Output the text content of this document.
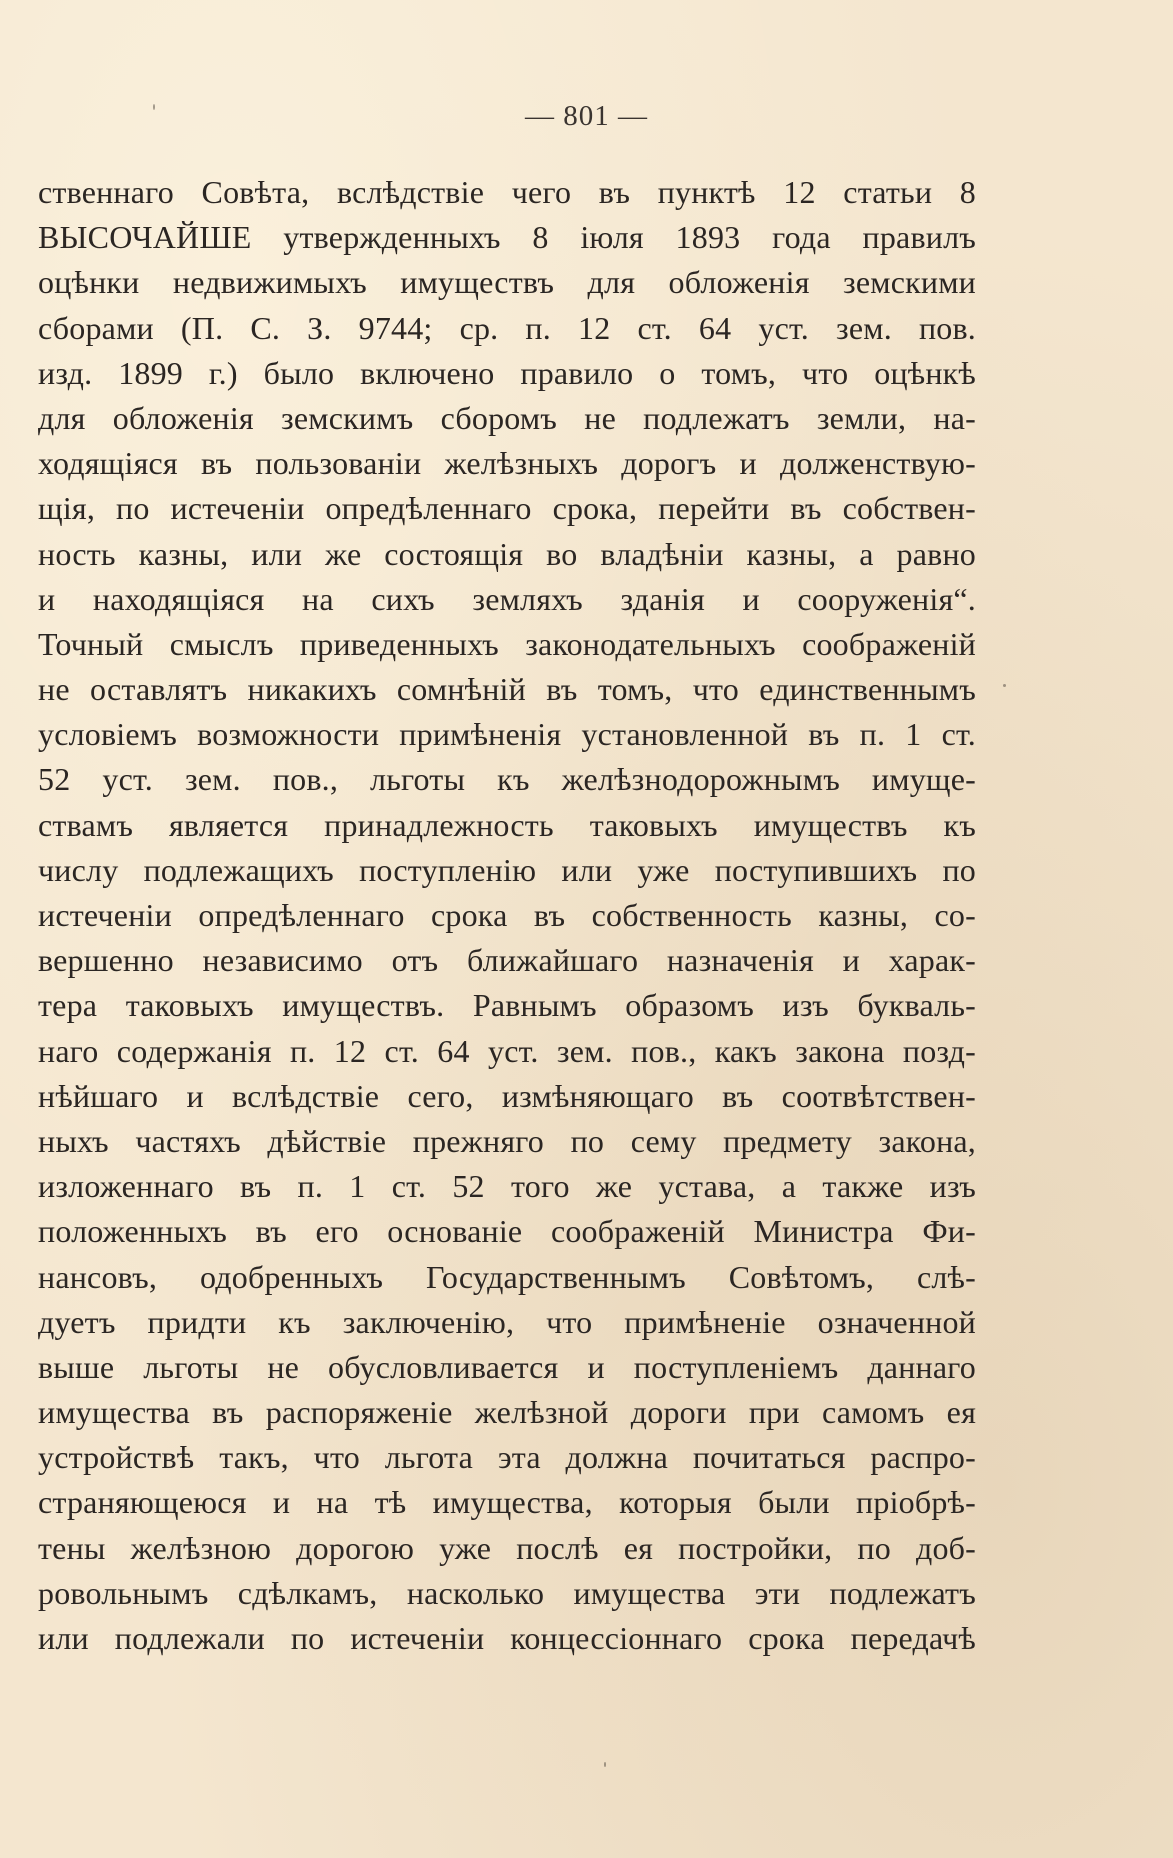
— 801 —
ственнаго Совѣта, вслѣдствіе чего въ пунктѣ 12 статьи 8
ВЫСОЧАЙШЕ утвержденныхъ 8 іюля 1893 года правилъ
оцѣнки недвижимыхъ имуществъ для обложенія земскими
сборами (П. С. З. 9744; ср. п. 12 ст. 64 уст. зем. пов.
изд. 1899 г.) было включено правило о томъ, что оцѣнкѣ
для обложенія земскимъ сборомъ не подлежатъ земли, на-
ходящіяся въ пользованіи желѣзныхъ дорогъ и долженствую-
щія, по истеченіи опредѣленнаго срока, перейти въ собствен-
ность казны, или же состоящія во владѣніи казны, а равно
и находящіяся на сихъ земляхъ зданія и сооруженія“.
Точный смыслъ приведенныхъ законодательныхъ соображеній
не оставлятъ никакихъ сомнѣній въ томъ, что единственнымъ
условіемъ возможности примѣненія установленной въ п. 1 ст.
52 уст. зем. пов., льготы къ желѣзнодорожнымъ имуще-
ствамъ является принадлежность таковыхъ имуществъ къ
числу подлежащихъ поступленію или уже поступившихъ по
истеченіи опредѣленнаго срока въ собственность казны, со-
вершенно независимо отъ ближайшаго назначенія и харак-
тера таковыхъ имуществъ. Равнымъ образомъ изъ букваль-
наго содержанія п. 12 ст. 64 уст. зем. пов., какъ закона позд-
нѣйшаго и вслѣдствіе сего, измѣняющаго въ соотвѣтствен-
ныхъ частяхъ дѣйствіе прежняго по сему предмету закона,
изложеннаго въ п. 1 ст. 52 того же устава, а также изъ
положенныхъ въ его основаніе соображеній Министра Фи-
нансовъ, одобренныхъ Государственнымъ Совѣтомъ, слѣ-
дуетъ придти къ заключенію, что примѣненіе означенной
выше льготы не обусловливается и поступленіемъ даннаго
имущества въ распоряженіе желѣзной дороги при самомъ ея
устройствѣ такъ, что льгота эта должна почитаться распро-
страняющеюся и на тѣ имущества, которыя были пріобрѣ-
тены желѣзною дорогою уже послѣ ея постройки, по доб-
ровольнымъ сдѣлкамъ, насколько имущества эти подлежатъ
или подлежали по истеченіи концессіоннаго срока передачѣ
